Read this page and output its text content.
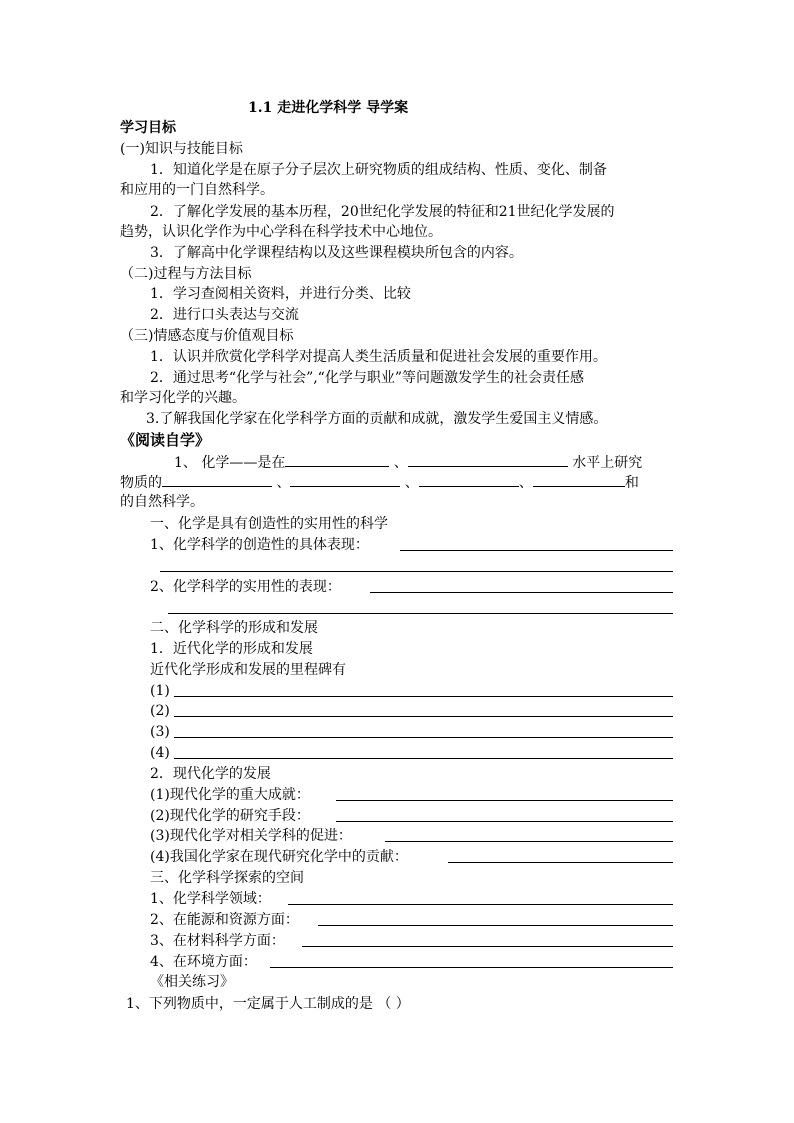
1.1 走进化学科学 导学案
学习目标
(一)知识与技能目标
1．知道化学是在原子分子层次上研究物质的组成结构、性质、变化、制备
和应用的一门自然科学。
2．了解化学发展的基本历程，20世纪化学发展的特征和21世纪化学发展的
趋势，认识化学作为中心学科在科学技术中心地位。
3．了解高中化学课程结构以及这些课程模块所包含的内容。
（二)过程与方法目标
1．学习查阅相关资料，并进行分类、比较
2．进行口头表达与交流
（三)情感态度与价值观目标
1．认识并欣赏化学科学对提高人类生活质量和促进社会发展的重要作用。
2．通过思考“化学与社会”,“化学与职业”等问题激发学生的社会责任感
和学习化学的兴趣。
3.了解我国化学家在化学科学方面的贡献和成就，激发学生爱国主义情感。
《阅读自学》
1、 化学——是在	、	水平上研究
物质的	、	、	、	和
的自然科学。
一、化学是具有创造性的实用性的科学
1、化学科学的创造性的具体表现：
2、化学科学的实用性的表现：
二、化学科学的形成和发展
1．近代化学的形成和发展
近代化学形成和发展的里程碑有
(1)
(2)
(3)
(4)
2．现代化学的发展
(1)现代化学的重大成就：
(2)现代化学的研究手段：
(3)现代化学对相关学科的促进：
(4)我国化学家在现代研究化学中的贡献：
三、化学科学探索的空间
1、化学科学领域：
2、在能源和资源方面：
3、在材料科学方面：
4、在环境方面：
《相关练习》
1、下列物质中，一定属于人工制成的是 （ ）
